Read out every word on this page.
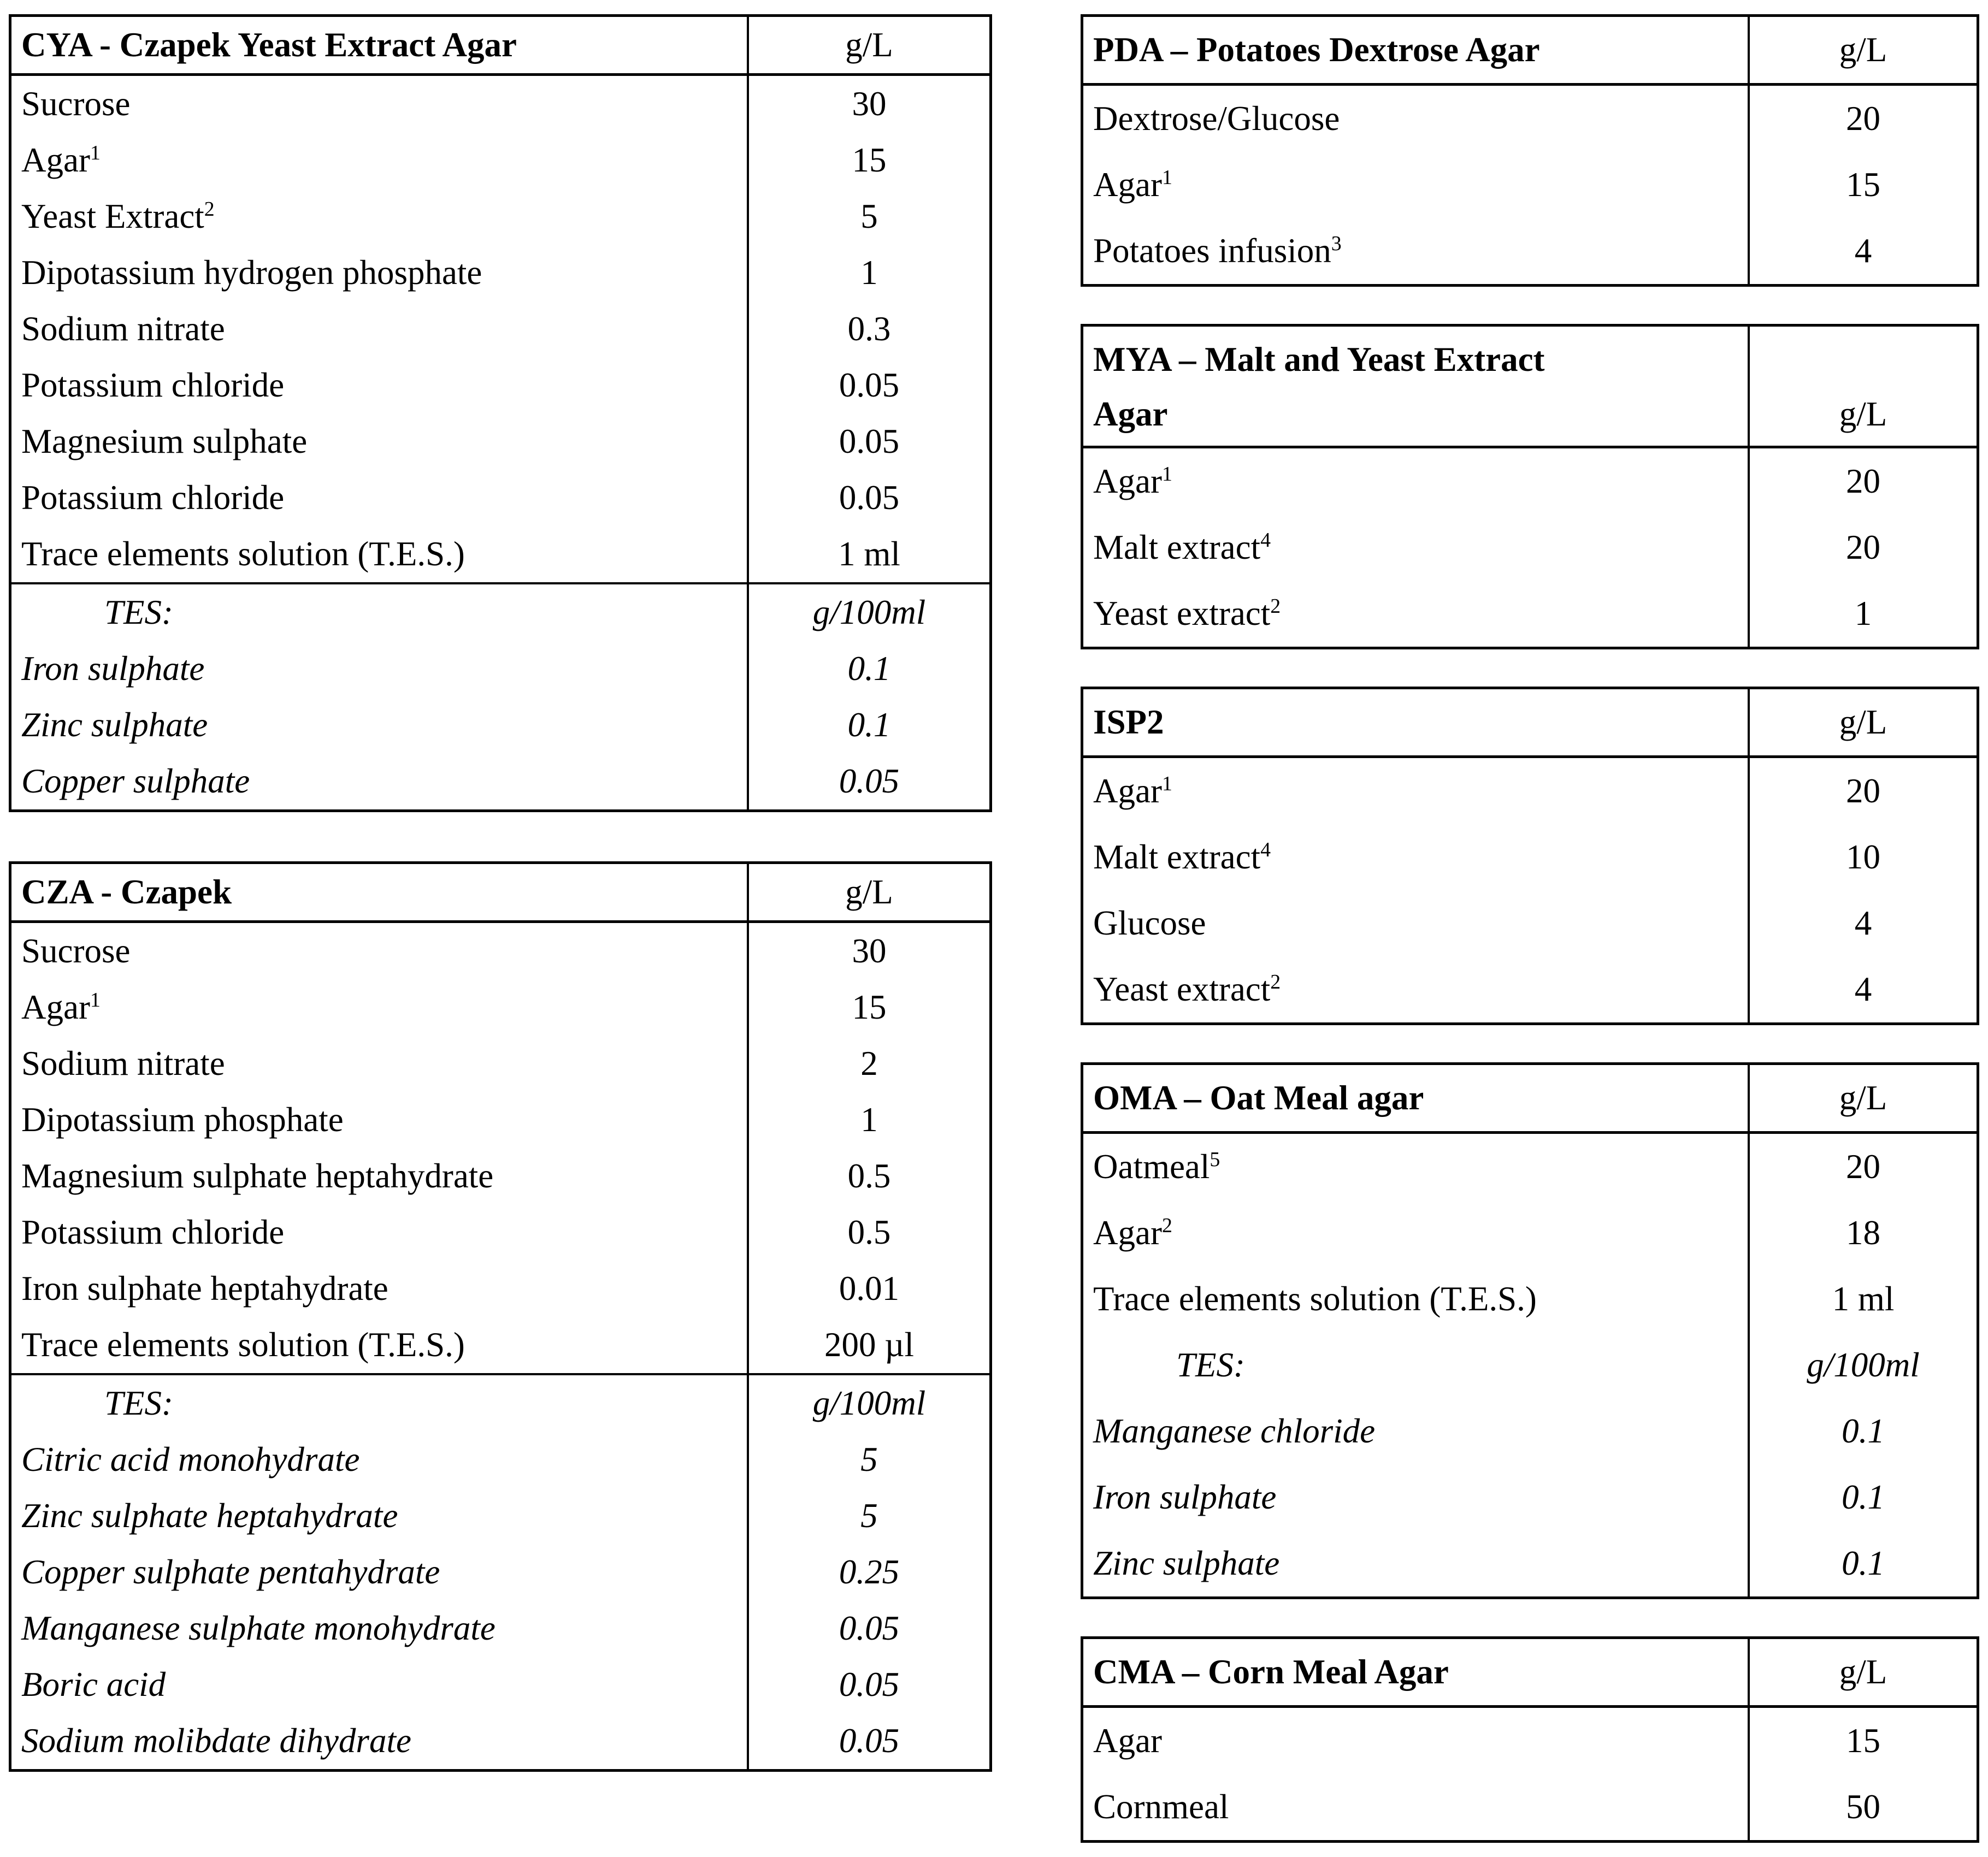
CYA - Czapek Yeast Extract Agar	g/L
Sucrose	30
Agar$^1$	15
Yeast Extract$^2$	5
Dipotassium hydrogen phosphate	1
Sodium nitrate	0.3
Potassium chloride	0.05
Magnesium sulphate	0.05
Potassium chloride	0.05
Trace elements solution (T.E.S.)	1 ml
TES:	g/100ml
Iron sulphate	0.1
Zinc sulphate	0.1
Copper sulphate	0.05
CZA - Czapek	g/L
Sucrose	30
Agar$^1$	15
Sodium nitrate	2
Dipotassium phosphate	1
Magnesium sulphate heptahydrate	0.5
Potassium chloride	0.5
Iron sulphate heptahydrate	0.01
Trace elements solution (T.E.S.)	200 µl
TES:	g/100ml
Citric acid monohydrate	5
Zinc sulphate heptahydrate	5
Copper sulphate pentahydrate	0.25
Manganese sulphate monohydrate	0.05
Boric acid	0.05
Sodium molibdate dihydrate	0.05
PDA – Potatoes Dextrose Agar	g/L
Dextrose/Glucose	20
Agar$^1$	15
Potatoes infusion$^3$	4
MYA – Malt and Yeast Extract
Agar	g/L
Agar$^1$	20
Malt extract$^4$	20
Yeast extract$^2$	1
ISP2	g/L
Agar$^1$	20
Malt extract$^4$	10
Glucose	4
Yeast extract$^2$	4
OMA – Oat Meal agar	g/L
Oatmeal$^5$	20
Agar$^2$	18
Trace elements solution (T.E.S.)	1 ml
TES:	g/100ml
Manganese chloride	0.1
Iron sulphate	0.1
Zinc sulphate	0.1
CMA – Corn Meal Agar	g/L
Agar	15
Cornmeal	50
